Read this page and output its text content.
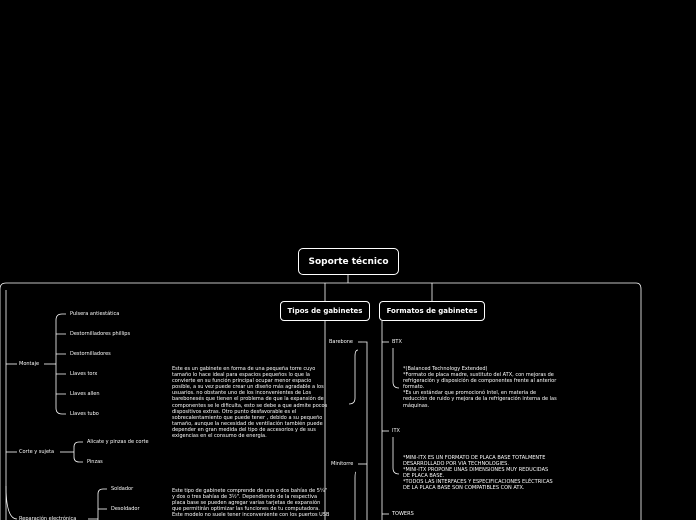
Soporte técnico
Tipos de gabinetes	Formatos de gabinetes
Montaje
Corte y sujeta
Reparación electrónica
Pulsera antiestática
Destornilladores phillips
Destornilladores
Llaves torx
Llaves allen
Llaves tubo
Alicate y pinzas de corte
Pinzas
Soldador
Desoldador
Barebone
Este es un gabinete en forma de una pequeña torre cuyo
tamaño lo hace ideal para espacios pequeños lo que la
convierte en su función principal ocupar menor espacio
posible, a su vez puede crear un diseño más agradable a los
usuarios. no obstante uno de los inconvenientes de Los
barebonesés que tienen el problema de que la expansión de
componentes se le dificulta, esto se debe a que admite pocos
dispositivos extras. Otro punto desfavorable es el
sobrecalentamiento que puede tener , debido a su pequeño
tamaño, aunque la necesidad de ventilación también puede
depender en gran medida del tipo de accesorios y de sus
exigencias en el consumo de energía.
Minitorre
Este tipo de gabinete comprende de una o dos bahías de 5¼"
y dos o tres bahías de 3½". Dependiendo de la respectiva
placa base se pueden agregar varias tarjetas de expansión
que permitirán optimizar las funciones de tu computadora.
Este modelo no suele tener inconveniente con los puertos USB
BTX
*(Balanced Technology Extended)
*Formato de placa madre, sustituto del ATX, con mejoras de
refrigeración y disposición de componentes frente al anterior
formato.
*Es un estándar que promocionó Intel, en materia de
reducción de ruido y mejora de la refrigeración interna de las
máquinas.
ITX
*MINI-ITX ES UN FORMATO DE PLACA BASE TOTALMENTE
DESARROLLADO POR VIA TECHNOLOGIES.
*MINI-ITX PROPONE UNAS DIMENSIONES MUY REDUCIDAS
DE PLACA BASE.
*TODOS LAS INTERFACES Y ESPECIFICACIONES ELÉCTRICAS
DE LA PLACA BASE SON COMPATIBLES CON ATX.
TOWERS
